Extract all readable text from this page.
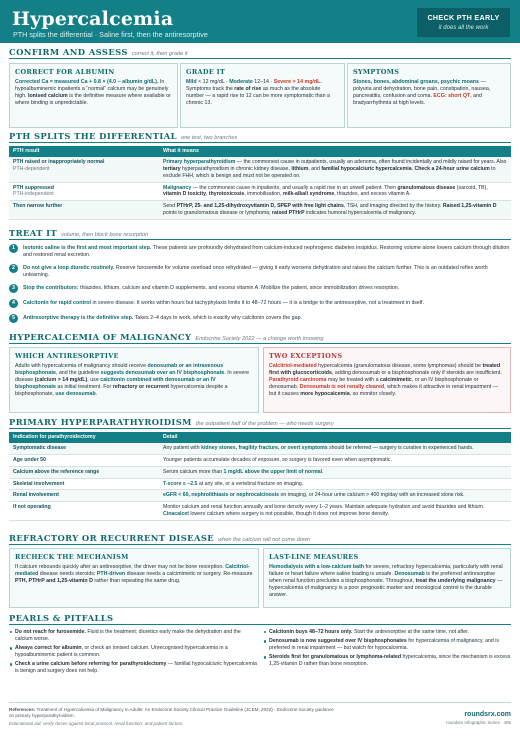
Hypercalcemia
PTH splits the differential · Saline first, then the antiresorptive
CHECK PTH EARLY
it does all the work
CONFIRM AND ASSESS correct it, then grade it
CORRECT FOR ALBUMIN

Corrected Ca = measured Ca + 0.8 × (4.0 − albumin g/dL). In hypoalbuminemic inpatients a “normal” calcium may be genuinely high. Ionised calcium is the definitive measure where available or where binding is unpredictable.

GRADE IT

Mild < 12 mg/dL · Moderate 12–14 · Severe > 14 mg/dL. Symptoms track the rate of rise as much as the absolute number — a rapid rise to 12 can be more symptomatic than a chronic 13.

SYMPTOMS

Stones, bones, abdominal groans, psychic moans — polyuria and dehydration, bone pain, constipation, nausea, pancreatitis, confusion and coma. ECG: short QT, and bradyarrhythmia at high levels.

PTH SPLITS THE DIFFERENTIAL one test, two branches
PTH result	What it means

PTH raised or inappropriately normal
PTH-dependent	Primary hyperparathyroidism — the commonest cause in outpatients, usually an adenoma, often found incidentally and mildly raised for years. Also tertiary hyperparathyroidism in chronic kidney disease, lithium, and familial hypocalciuric hypercalcemia. Check a 24-hour urine calcium to exclude FHH, which is benign and must not be operated on.

PTH suppressed
PTH-independent	Malignancy — the commonest cause in inpatients, and usually a rapid rise in an unwell patient. Then granulomatous disease (sarcoid, TB), vitamin D toxicity, thyrotoxicosis, immobilisation, milk-alkali syndrome, thiazides, and excess vitamin A.

Then narrow further	Send PTHrP, 25- and 1,25-dihydroxyvitamin D, SPEP with free light chains, TSH, and imaging directed by the history. Raised 1,25-vitamin D points to granulomatous disease or lymphoma; raised PTHrP indicates humoral hypercalcemia of malignancy.
TREAT IT volume, then block bone resorption
1	Isotonic saline is the first and most important step. These patients are profoundly dehydrated from calcium-induced nephrogenic diabetes insipidus. Restoring volume alone lowers calcium through dilution and restored renal excretion.
2	Do not give a loop diuretic routinely. Reserve furosemide for volume overload once rehydrated — giving it early worsens dehydration and raises the calcium further. This is an outdated reflex worth unlearning.
3	Stop the contributors: thiazides, lithium, calcium and vitamin D supplements, and excess vitamin A. Mobilize the patient, since immobilization drives resorption.
4	Calcitonin for rapid control in severe disease. It works within hours but tachyphylaxis limits it to 48–72 hours — it is a bridge to the antiresorptive, not a treatment in itself.
5	Antiresorptive therapy is the definitive step. Takes 2–4 days to work, which is exactly why calcitonin covers the gap.
HYPERCALCEMIA OF MALIGNANCY Endocrine Society 2022 — a change worth knowing
WHICH ANTIRESORPTIVE

Adults with hypercalcemia of malignancy should receive denosumab or an intravenous bisphosphonate, and the guideline suggests denosumab over an IV bisphosphonate. In severe disease (calcium > 14 mg/dL), use calcitonin combined with denosumab or an IV bisphosphonate as initial treatment. For refractory or recurrent hypercalcemia despite a bisphosphonate, use denosumab.

TWO EXCEPTIONS

Calcitriol-mediated hypercalcemia (granulomatous disease, some lymphomas) should be treated first with glucocorticoids, adding denosumab or a bisphosphonate only if steroids are insufficient. Parathyroid carcinoma may be treated with a calcimimetic, or an IV bisphosphonate or denosumab. Denosumab is not renally cleared, which makes it attractive in renal impairment — but it causes more hypocalcemia, so monitor closely.

PRIMARY HYPERPARATHYROIDISM the outpatient half of the problem — who needs surgery
Indication for parathyroidectomy	Detail
Symptomatic disease	Any patient with kidney stones, fragility fracture, or overt symptoms should be referred — surgery is curative in experienced hands.
Age under 50	Younger patients accumulate decades of exposure, so surgery is favored even when asymptomatic.
Calcium above the reference range	Serum calcium more than 1 mg/dL above the upper limit of normal.
Skeletal involvement	T-score ≤ −2.5 at any site, or a vertebral fracture on imaging.
Renal involvement	eGFR < 60, nephrolithiasis or nephrocalcinosis on imaging, or 24-hour urine calcium > 400 mg/day with an increased stone risk.
If not operating	Monitor calcium and renal function annually and bone density every 1–2 years. Maintain adequate hydration and avoid thiazides and lithium. Cinacalcet lowers calcium where surgery is not possible, though it does not improve bone density.
REFRACTORY OR RECURRENT DISEASE when the calcium will not come down
RECHECK THE MECHANISM

If calcium rebounds quickly after an antiresorptive, the driver may not be bone resorption. Calcitriol-mediated disease needs steroids; PTH-driven disease needs a calcimimetic or surgery. Re-measure PTH, PTHrP and 1,25-vitamin D rather than repeating the same drug.

LAST-LINE MEASURES

Hemodialysis with a low-calcium bath for severe, refractory hypercalcemia, particularly with renal failure or heart failure where saline loading is unsafe. Denosumab is the preferred antiresorptive when renal function precludes a bisphosphonate. Throughout, treat the underlying malignancy — hypercalcemia of malignancy is a poor prognostic marker and oncological control is the durable answer.

PEARLS & PITFALLS
Do not reach for furosemide. Fluid is the treatment; diuretics early make the dehydration and the calcium worse.
Always correct for albumin, or check an ionised calcium. Unrecognised hypercalcemia in a hypoalbuminemic patient is common.
Check a urine calcium before referring for parathyroidectomy — familial hypocalciuric hypercalcemia is benign and surgery does not help.
Calcitonin buys 48–72 hours only. Start the antiresorptive at the same time, not after.
Denosumab is now suggested over IV bisphosphonates for hypercalcemia of malignancy, and is preferred in renal impairment — but watch for hypocalcemia.
Steroids first for granulomatous or lymphoma-related hypercalcemia, since the mechanism is excess 1,25-vitamin D rather than bone resorption.
References: Treatment of Hypercalcemia of Malignancy in Adults: An Endocrine Society Clinical Practice Guideline (JCEM, 2022) · Endocrine Society guidance on primary hyperparathyroidism.
Educational aid; verify doses against local protocol, renal function, and patient factors.
roundsrx.com
roundsrx Infographic Series · 485
